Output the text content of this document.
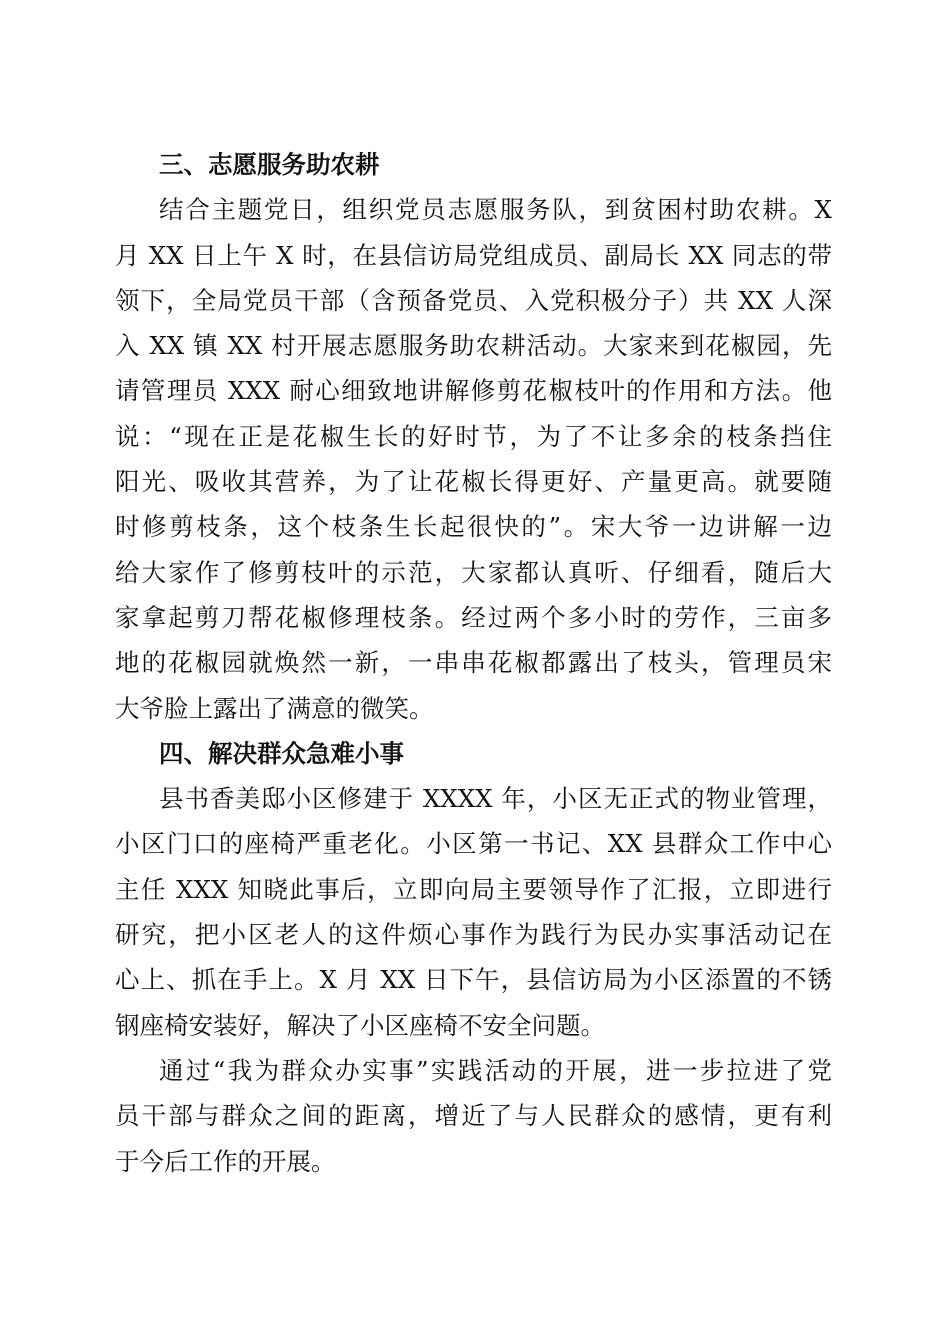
三、志愿服务助农耕
结合主题党日，组织党员志愿服务队，到贫困村助农耕。X
月 XX 日上午 X 时，在县信访局党组成员、副局长 XX 同志的带
领下，全局党员干部（含预备党员、入党积极分子）共 XX 人深
入 XX 镇 XX 村开展志愿服务助农耕活动。大家来到花椒园，先
请管理员 XXX 耐心细致地讲解修剪花椒枝叶的作用和方法。他
说：“现在正是花椒生长的好时节，为了不让多余的枝条挡住
阳光、吸收其营养，为了让花椒长得更好、产量更高。就要随
时修剪枝条，这个枝条生长起很快的”。宋大爷一边讲解一边
给大家作了修剪枝叶的示范，大家都认真听、仔细看，随后大
家拿起剪刀帮花椒修理枝条。经过两个多小时的劳作，三亩多
地的花椒园就焕然一新，一串串花椒都露出了枝头，管理员宋
大爷脸上露出了满意的微笑。
四、解决群众急难小事
县书香美邸小区修建于 XXXX 年，小区无正式的物业管理，
小区门口的座椅严重老化。小区第一书记、XX 县群众工作中心
主任 XXX 知晓此事后，立即向局主要领导作了汇报，立即进行
研究，把小区老人的这件烦心事作为践行为民办实事活动记在
心上、抓在手上。X 月 XX 日下午，县信访局为小区添置的不锈
钢座椅安装好，解决了小区座椅不安全问题。
通过“我为群众办实事”实践活动的开展，进一步拉进了党
员干部与群众之间的距离，增近了与人民群众的感情，更有利
于今后工作的开展。
